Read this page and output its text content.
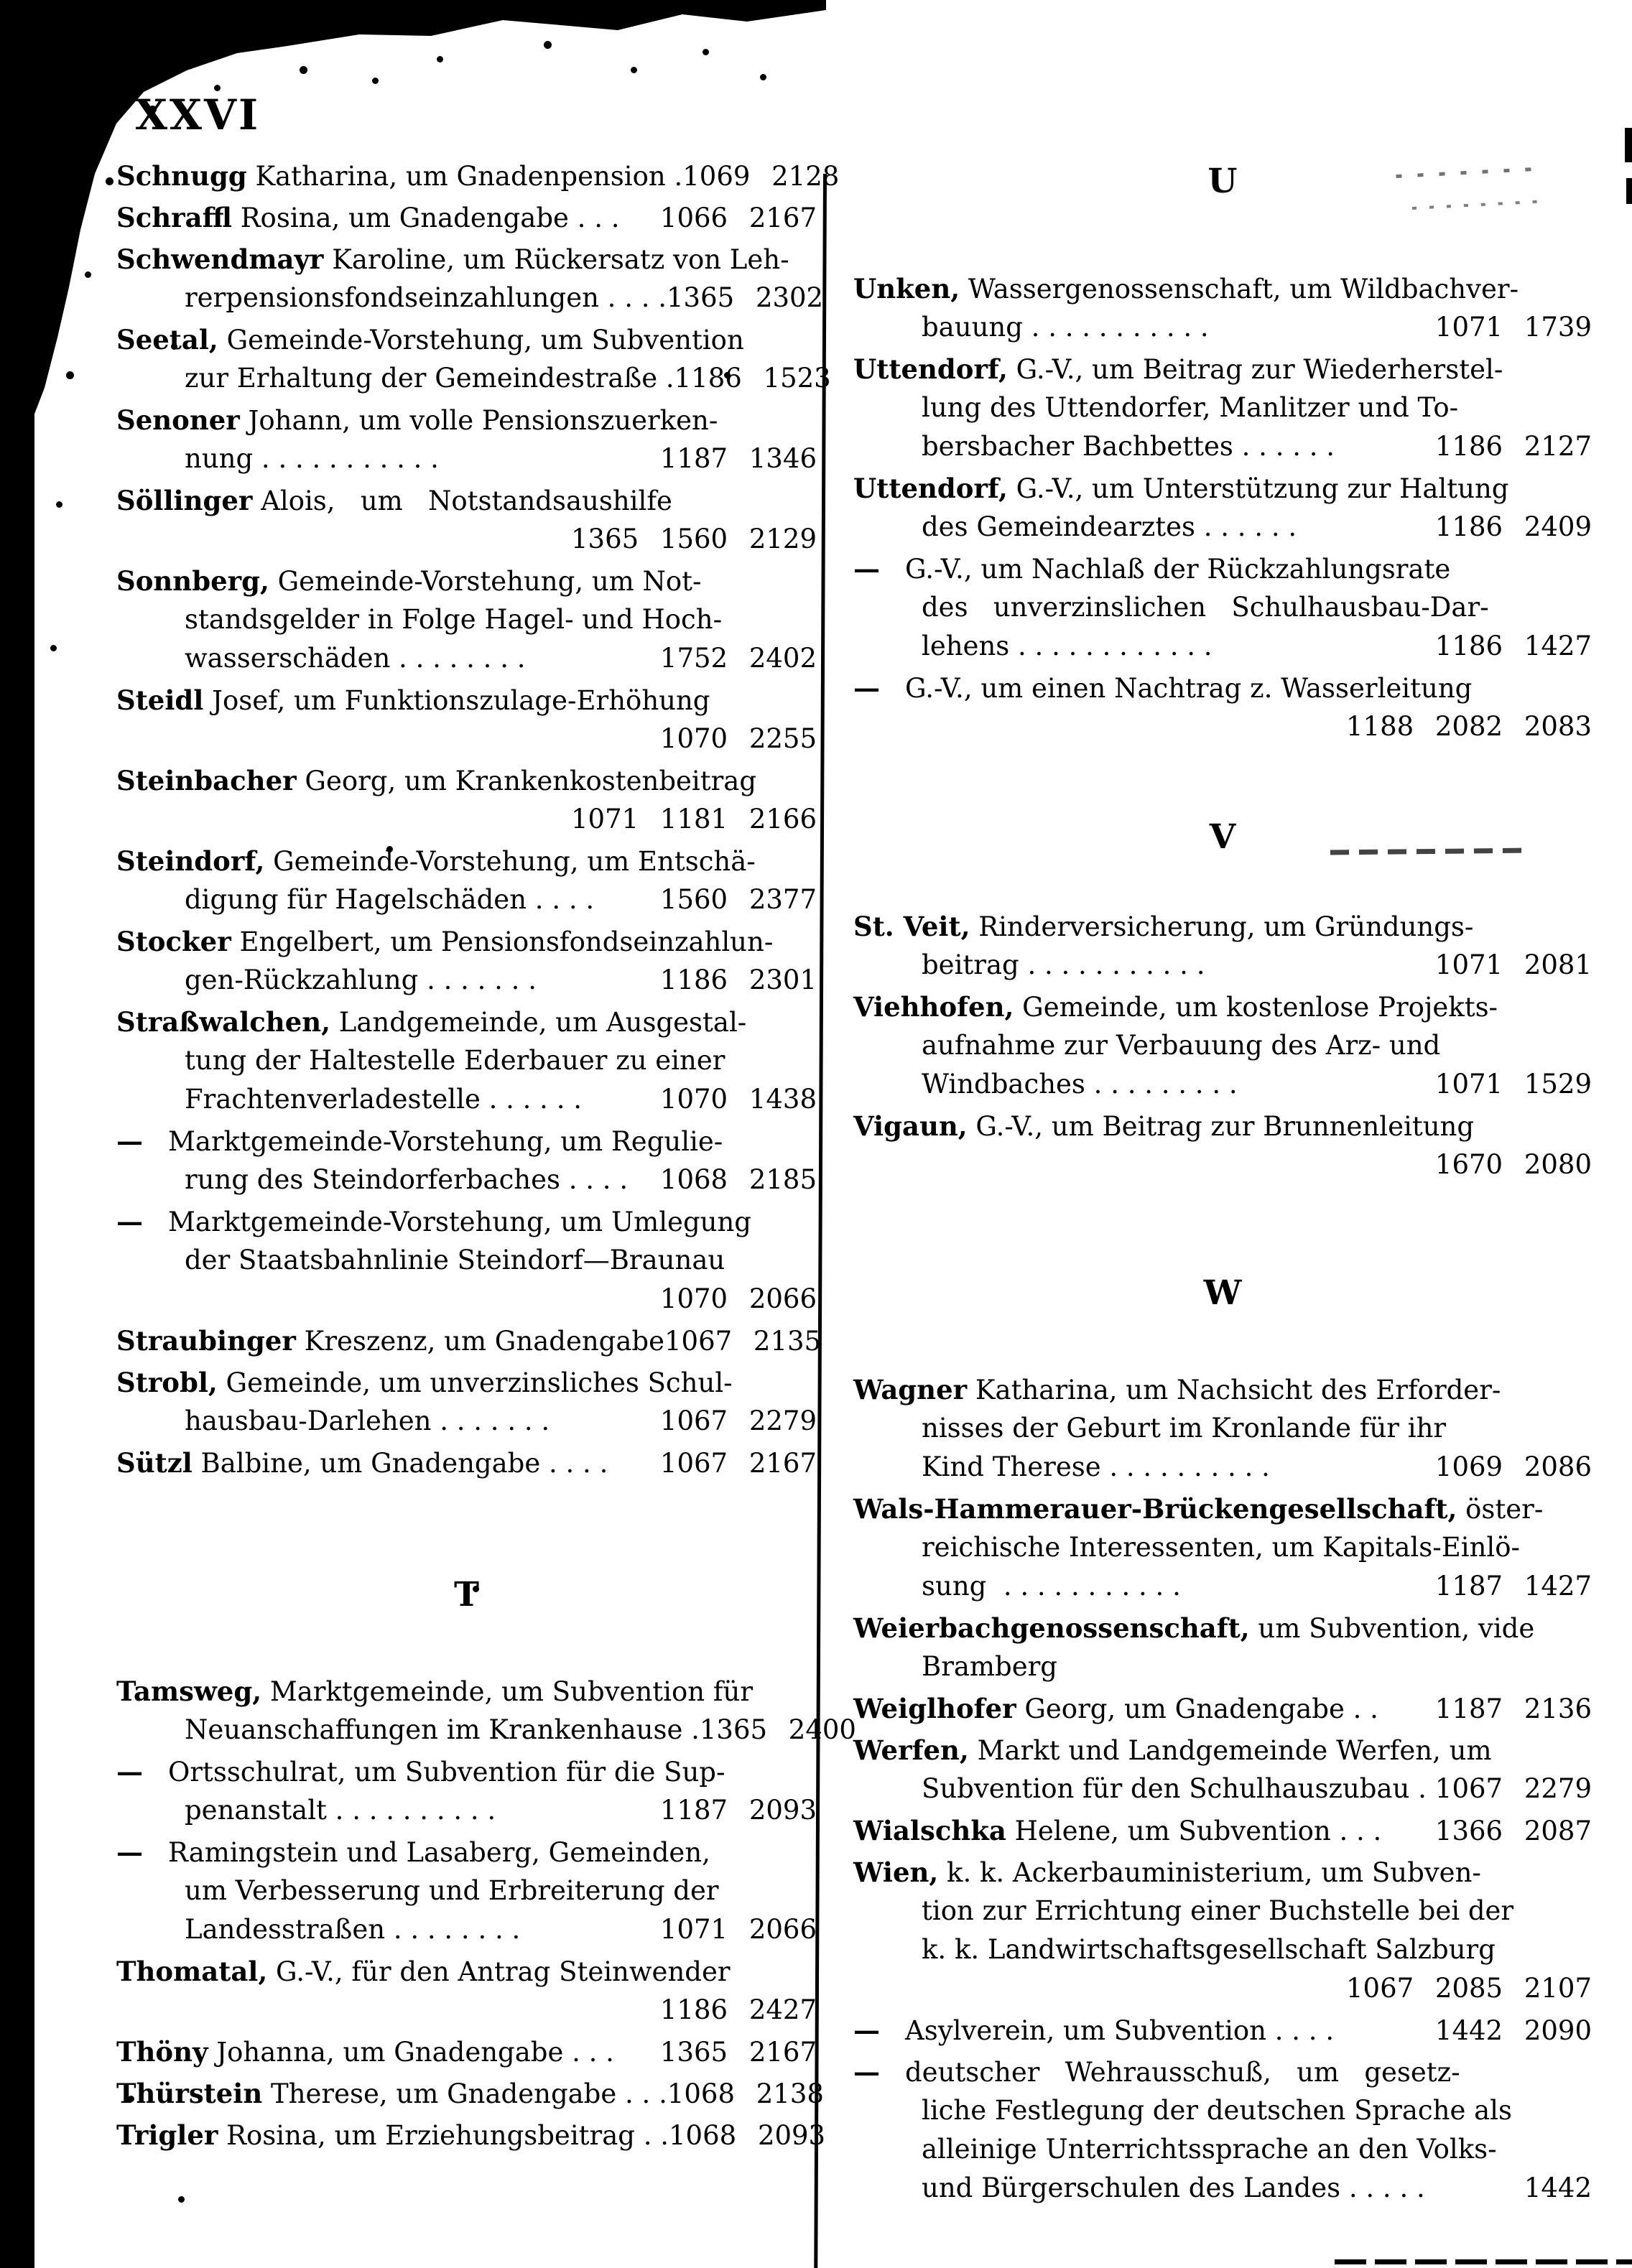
XXVI
Schnugg Katharina, um Gnadenpension . 1069 2128
Schraffl Rosina, um Gnadengabe . . . 1066 2167
Schwendmayr Karoline, um Rückersatz von Leh-
rerpensionsfondseinzahlungen . . . . 1365 2302
Seetal, Gemeinde-Vorstehung, um Subvention
zur Erhaltung der Gemeindestraße . 1186 1523
Senoner Johann, um volle Pensionszuerken-
nung . . . . . . . . . . .	1187 1346
Söllinger Alois,   um   Notstandsaushilfe
1365 1560 2129
Sonnberg, Gemeinde-Vorstehung, um Not-
standsgelder in Folge Hagel- und Hoch-
wasserschäden . . . . . . . .	1752 2402
Steidl Josef, um Funktionszulage-Erhöhung
1070 2255
Steinbacher Georg, um Krankenkostenbeitrag
1071 1181 2166
Steindorf, Gemeinde-Vorstehung, um Entschä-
digung für Hagelschäden . . . . 1560 2377
Stocker Engelbert, um Pensionsfondseinzahlun-
gen-Rückzahlung . . . . . . .	1186 2301
Straßwalchen, Landgemeinde, um Ausgestal-
tung der Haltestelle Ederbauer zu einer
Frachtenverladestelle . . . . . .	1070 1438
— Marktgemeinde-Vorstehung, um Regulie-
rung des Steindorferbaches . . . . 1068 2185
— Marktgemeinde-Vorstehung, um Umlegung
der Staatsbahnlinie Steindorf—Braunau
1070 2066
Straubinger Kreszenz, um Gnadengabe 1067 2135
Strobl, Gemeinde, um unverzinsliches Schul-
hausbau-Darlehen . . . . . . .	1067 2279
Sützl Balbine, um Gnadengabe . . . . 1067 2167
T
Tamsweg, Marktgemeinde, um Subvention für
Neuanschaffungen im Krankenhause . 1365 2400
— Ortsschulrat, um Subvention für die Sup-
penanstalt . . . . . . . . . .	1187 2093
— Ramingstein und Lasaberg, Gemeinden,
um Verbesserung und Erbreiterung der
Landesstraßen . . . . . . . .	1071 2066
Thomatal, G.-V., für den Antrag Steinwender
1186 2427
Thöny Johanna, um Gnadengabe . . . 1365 2167
Thürstein Therese, um Gnadengabe . . . 1068 2138
Trigler Rosina, um Erziehungsbeitrag . . 1068 2093
U
Unken, Wassergenossenschaft, um Wildbachver-
bauung . . . . . . . . . . .	1071 1739
Uttendorf, G.-V., um Beitrag zur Wiederherstel-
lung des Uttendorfer, Manlitzer und To-
bersbacher Bachbettes . . . . . .	1186 2127
Uttendorf, G.-V., um Unterstützung zur Haltung
des Gemeindearztes . . . . . .	1186 2409
— G.-V., um Nachlaß der Rückzahlungsrate
des   unverzinslichen   Schulhausbau-Dar-
lehens . . . . . . . . . . . .	1186 1427
— G.-V., um einen Nachtrag z. Wasserleitung
1188 2082 2083
V
St. Veit, Rinderversicherung, um Gründungs-
beitrag . . . . . . . . . . .	1071 2081
Viehhofen, Gemeinde, um kostenlose Projekts-
aufnahme zur Verbauung des Arz- und
Windbaches . . . . . . . . .	1071 1529
Vigaun, G.-V., um Beitrag zur Brunnenleitung
1670 2080
W
Wagner Katharina, um Nachsicht des Erforder-
nisses der Geburt im Kronlande für ihr
Kind Therese . . . . . . . . . .	1069 2086
Wals-Hammerauer-Brückengesellschaft, öster-
reichische Interessenten, um Kapitals-Einlö-
sung  . . . . . . . . . . .	1187 1427
Weierbachgenossenschaft, um Subvention, vide
Bramberg
Weiglhofer Georg, um Gnadengabe . . 1187 2136
Werfen, Markt und Landgemeinde Werfen, um
Subvention für den Schulhauszubau . 1067 2279
Wialschka Helene, um Subvention . . . 1366 2087
Wien, k. k. Ackerbauministerium, um Subven-
tion zur Errichtung einer Buchstelle bei der
k. k. Landwirtschaftsgesellschaft Salzburg
1067 2085 2107
— Asylverein, um Subvention . . . .	1442 2090
— deutscher   Wehrausschuß,   um   gesetz-
liche Festlegung der deutschen Sprache als
alleinige Unterrichtssprache an den Volks-
und Bürgerschulen des Landes . . . . .	1442
